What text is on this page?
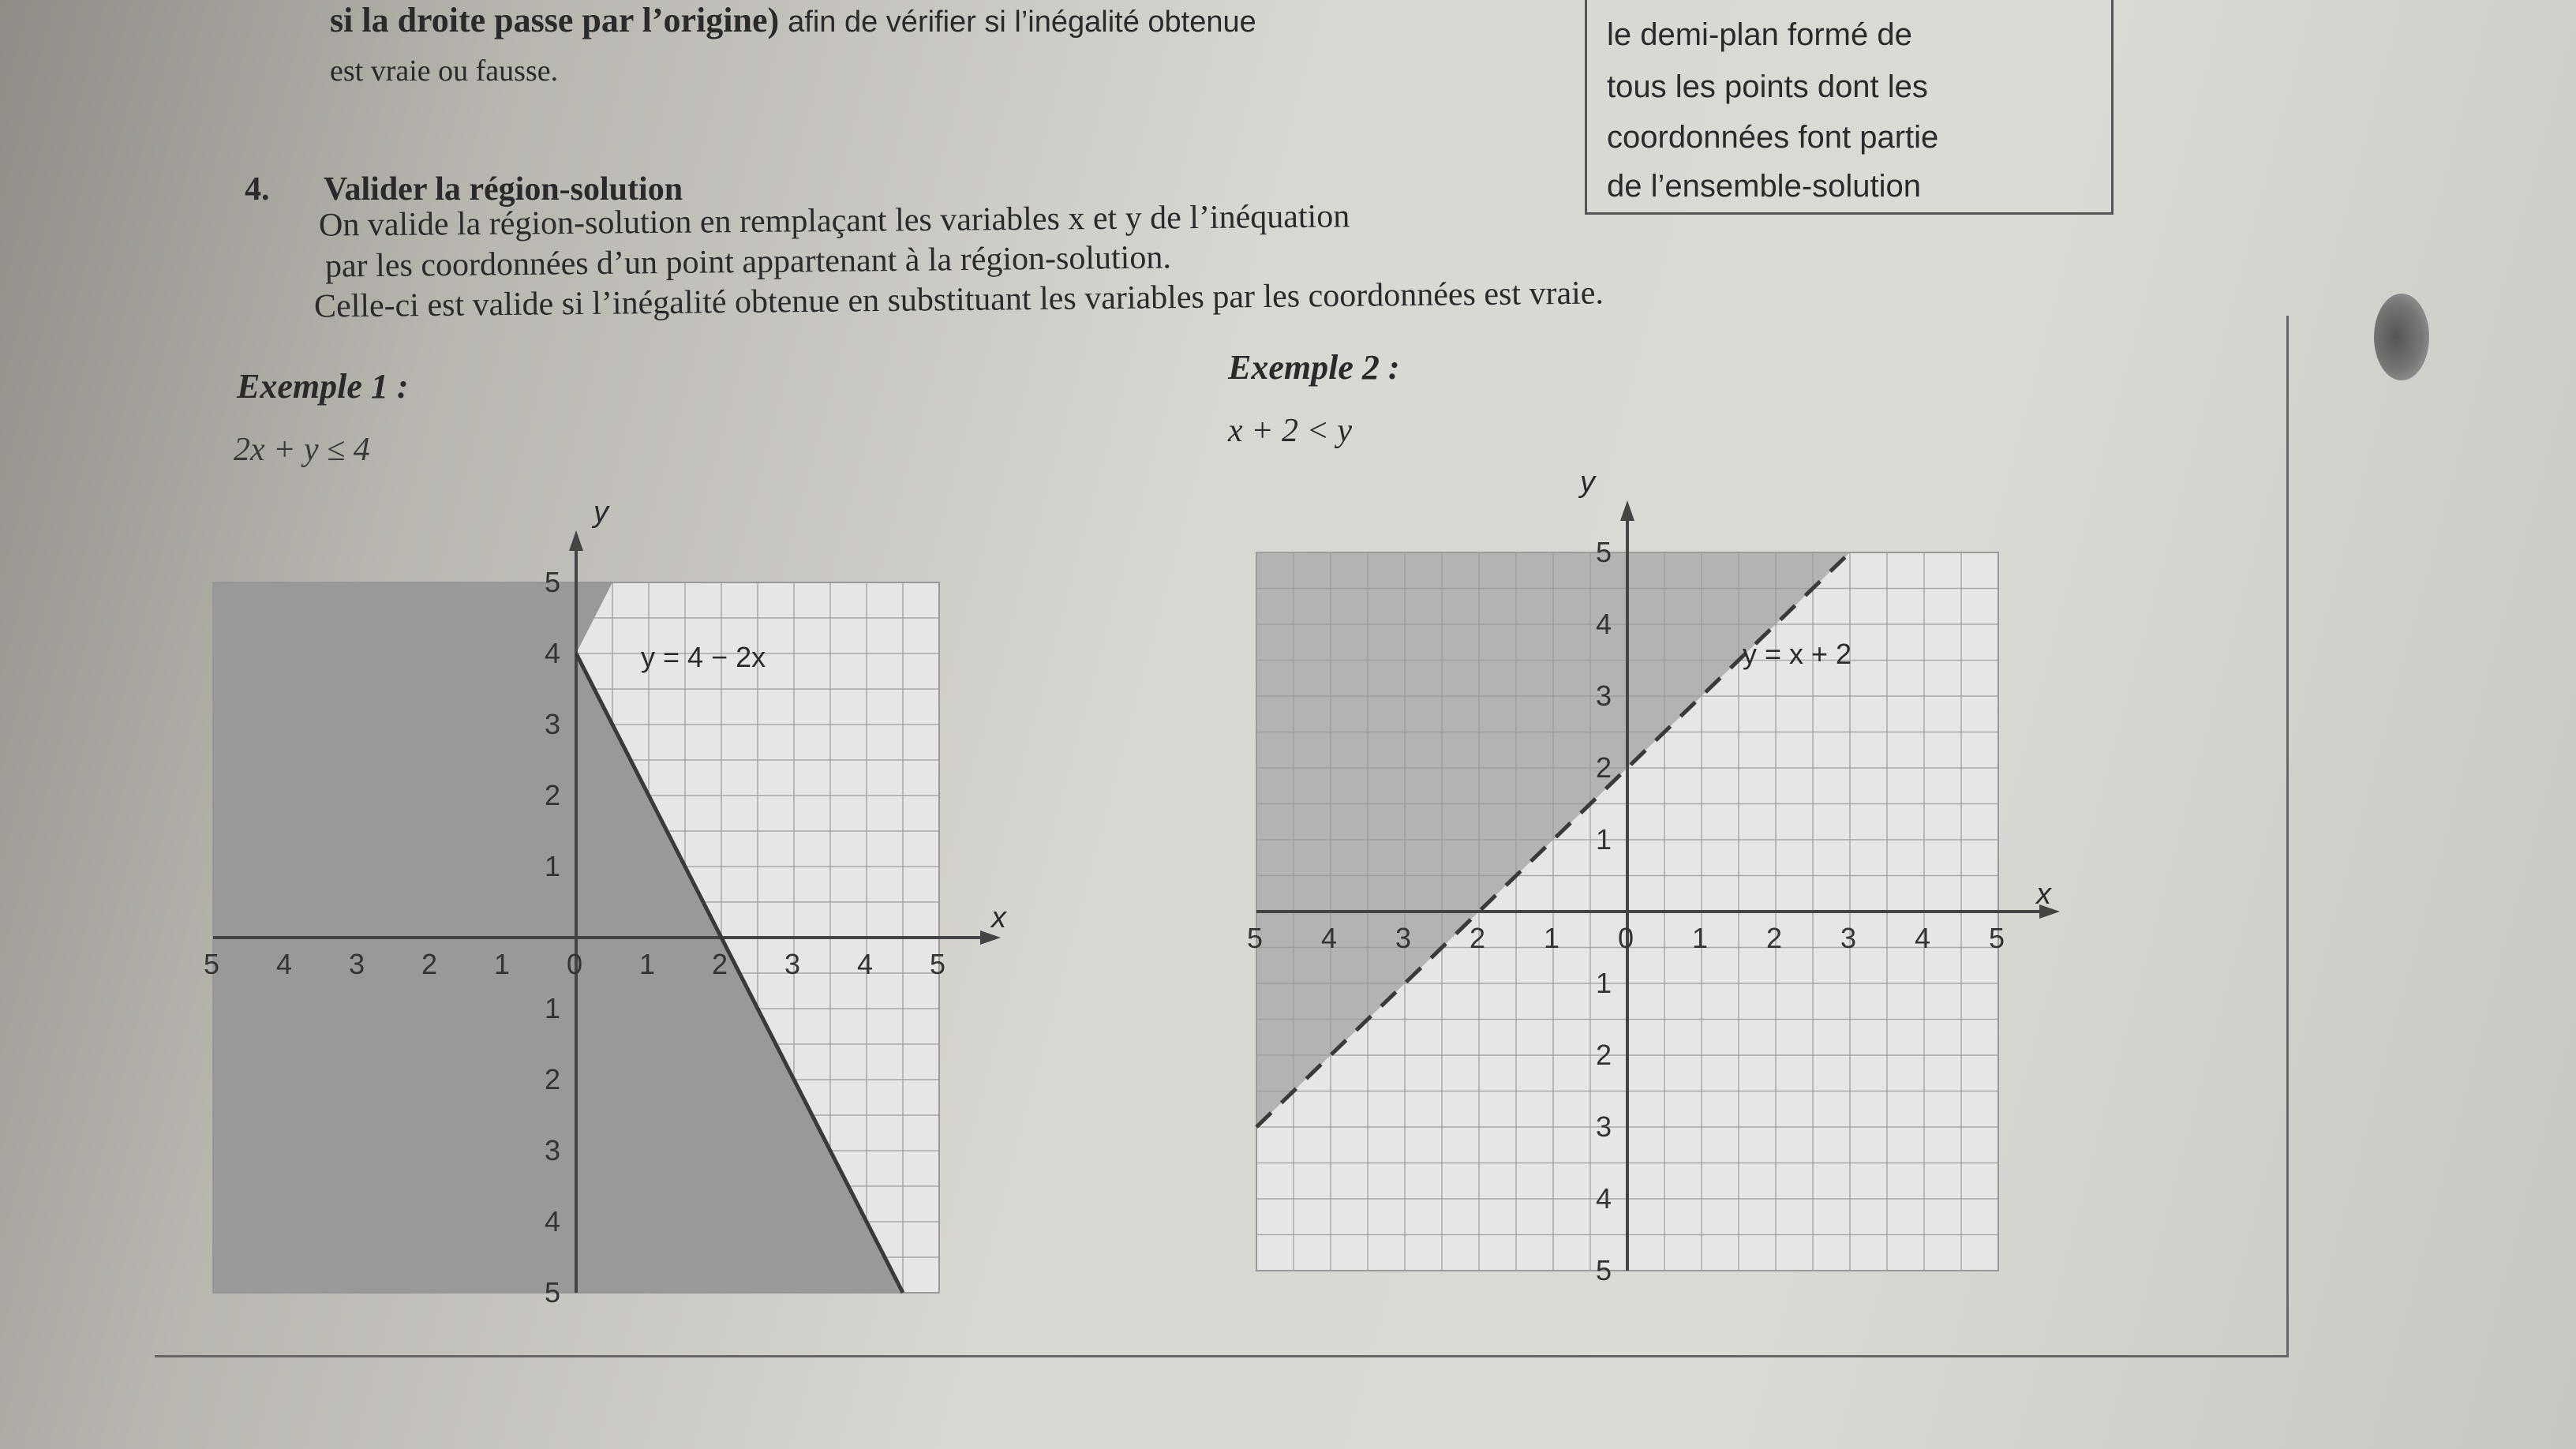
si la droite passe par l’origine) afin de vérifier si l’inégalité obtenue
est vraie ou fausse.
le demi-plan formé de
tous les points dont les
coordonnées font partie
de l’ensemble-solution
4. Valider la région-solution
On valide la région-solution en remplaçant les variables x et y de l’inéquation
par les coordonnées d’un point appartenant à la région-solution.
Celle-ci est valide si l’inégalité obtenue en substituant les variables par les coordonnées est vraie.
Exemple 1 :
2x + y ≤ 4
Exemple 2 :
x + 2 < y
5 4 3 2 1 0 1 2 3 4 5
5
4
3
2
1
1
2
3
4
5
5 4 3 2 1 0 1 2 3 4 5
5
4
3
2
1
1
2
3
4
5
y = 4 − 2x
y
x
y = x + 2
y
x
